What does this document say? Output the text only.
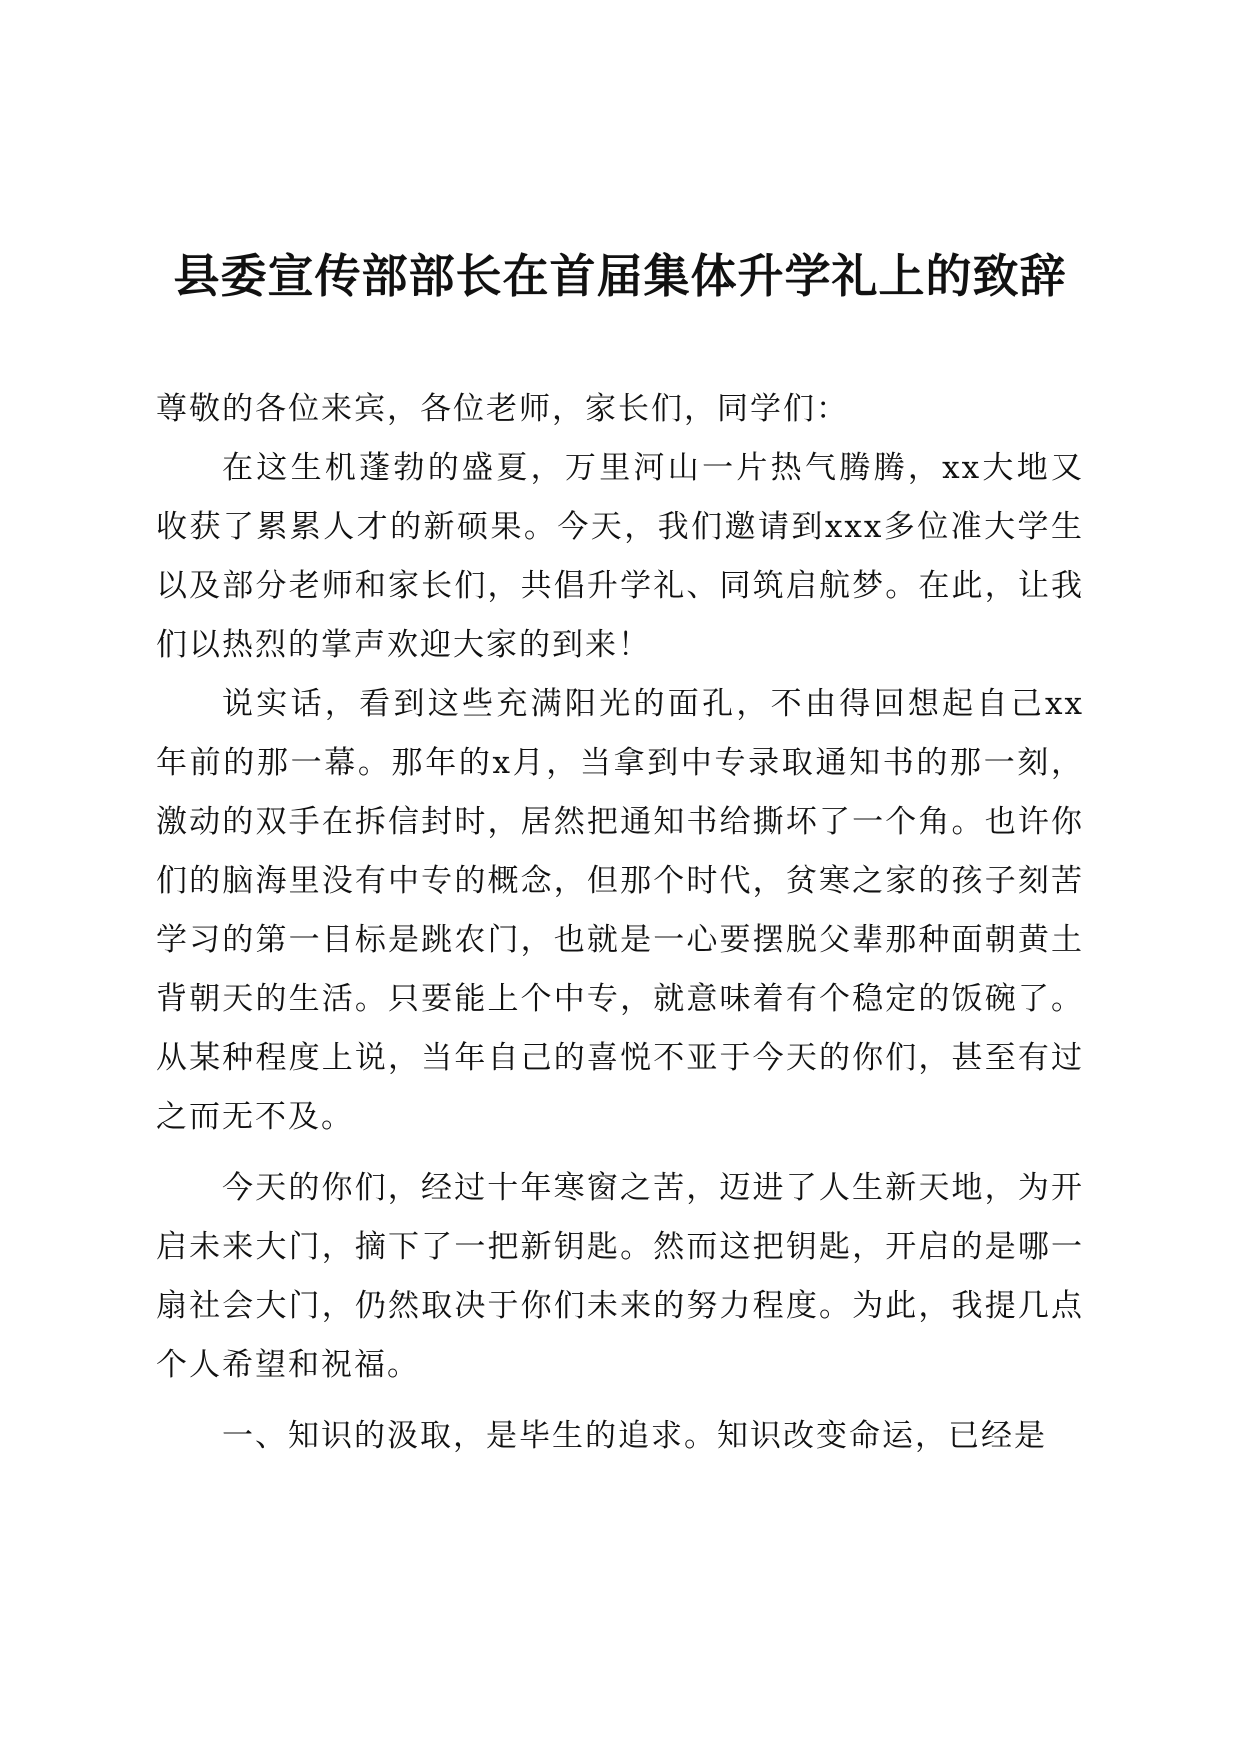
县委宣传部部长在首届集体升学礼上的致辞

尊敬的各位来宾，各位老师，家长们，同学们：

在这生机蓬勃的盛夏，万里河山一片热气腾腾，xx大地又收获了累累人才的新硕果。今天，我们邀请到xxx多位准大学生以及部分老师和家长们，共倡升学礼、同筑启航梦。在此，让我们以热烈的掌声欢迎大家的到来！

说实话，看到这些充满阳光的面孔，不由得回想起自己xx年前的那一幕。那年的x月，当拿到中专录取通知书的那一刻，激动的双手在拆信封时，居然把通知书给撕坏了一个角。也许你们的脑海里没有中专的概念，但那个时代，贫寒之家的孩子刻苦学习的第一目标是跳农门，也就是一心要摆脱父辈那种面朝黄土背朝天的生活。只要能上个中专，就意味着有个稳定的饭碗了。从某种程度上说，当年自己的喜悦不亚于今天的你们，甚至有过之而无不及。

今天的你们，经过十年寒窗之苦，迈进了人生新天地，为开启未来大门，摘下了一把新钥匙。然而这把钥匙，开启的是哪一扇社会大门，仍然取决于你们未来的努力程度。为此，我提几点个人希望和祝福。

一、知识的汲取，是毕生的追求。知识改变命运，已经是
